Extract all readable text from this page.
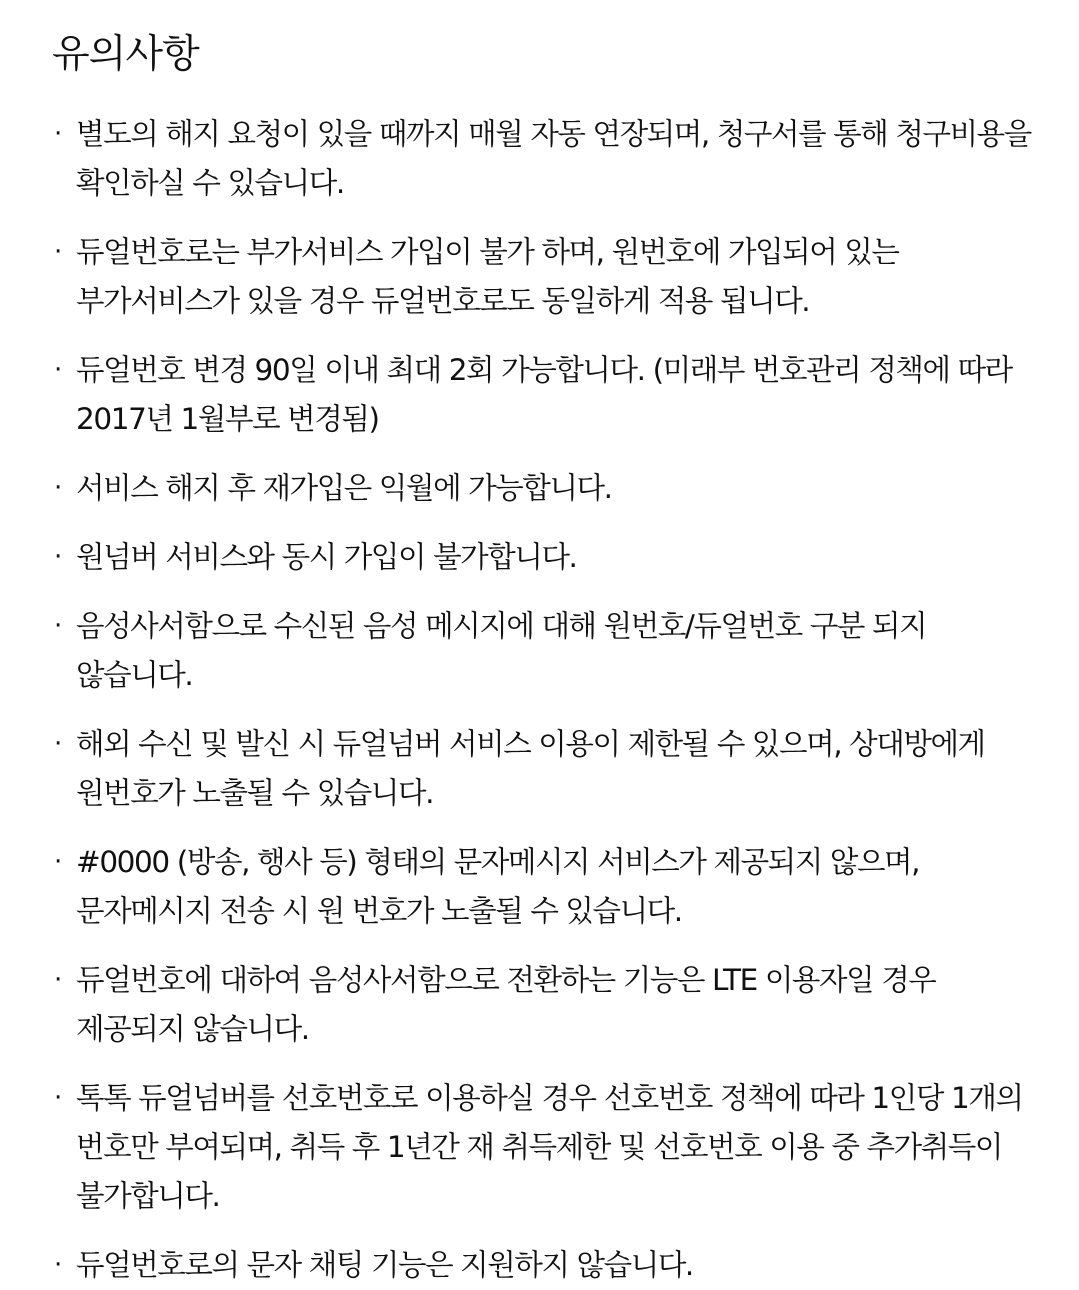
유의사항
· 별도의 해지 요청이 있을 때까지 매월 자동 연장되며, 청구서를 통해 청구비용을 확인하실 수 있습니다.
· 듀얼번호로는 부가서비스 가입이 불가 하며, 원번호에 가입되어 있는 부가서비스가 있을 경우 듀얼번호로도 동일하게 적용 됩니다.
· 듀얼번호 변경 90일 이내 최대 2회 가능합니다. (미래부 번호관리 정책에 따라 2017년 1월부로 변경됨)
· 서비스 해지 후 재가입은 익월에 가능합니다.
· 원넘버 서비스와 동시 가입이 불가합니다.
· 음성사서함으로 수신된 음성 메시지에 대해 원번호/듀얼번호 구분 되지 않습니다.
· 해외 수신 및 발신 시 듀얼넘버 서비스 이용이 제한될 수 있으며, 상대방에게 원번호가 노출될 수 있습니다.
· #0000 (방송, 행사 등) 형태의 문자메시지 서비스가 제공되지 않으며, 문자메시지 전송 시 원 번호가 노출될 수 있습니다.
· 듀얼번호에 대하여 음성사서함으로 전환하는 기능은 LTE 이용자일 경우 제공되지 않습니다.
· 톡톡 듀얼넘버를 선호번호로 이용하실 경우 선호번호 정책에 따라 1인당 1개의 번호만 부여되며, 취득 후 1년간 재 취득제한 및 선호번호 이용 중 추가취득이 불가합니다.
· 듀얼번호로의 문자 채팅 기능은 지원하지 않습니다.
